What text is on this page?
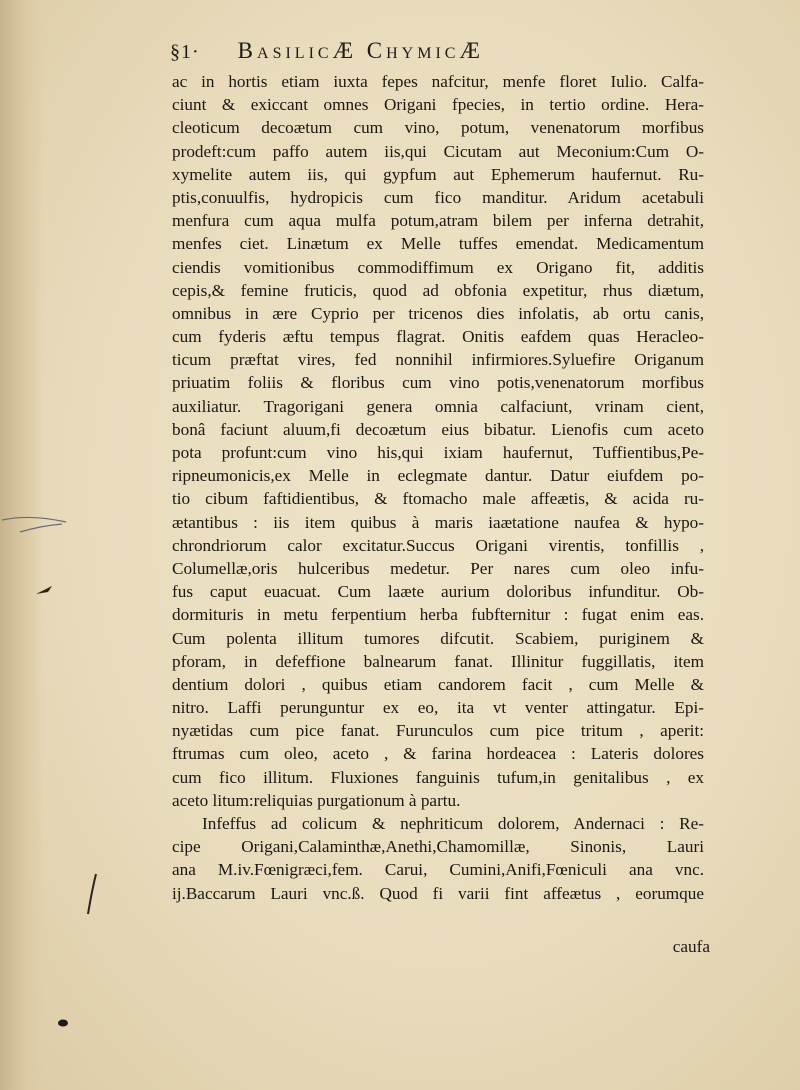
§1· BasilicÆ ChymicÆ
ac in hortis etiam iuxta fepes nafcitur, menfe floret Iulio. Calfa-
ciunt & exiccant omnes Origani fpecies, in tertio ordine. Hera-
cleoticum decoætum cum vino, potum, venenatorum morfibus
prodeft:cum paffo autem iis,qui Cicutam aut Meconium:Cum O-
xymelite autem iis, qui gypfum aut Ephemerum haufernut. Ru-
ptis,conuulfis, hydropicis cum fico manditur. Aridum acetabuli
menfura cum aqua mulfa potum,atram bilem per inferna detrahit,
menfes ciet. Linætum ex Melle tuffes emendat. Medicamentum
ciendis vomitionibus commodiffimum ex Origano fit, additis
cepis,& femine fruticis, quod ad obfonia expetitur, rhus diætum,
omnibus in ære Cyprio per tricenos dies infolatis, ab ortu canis,
cum fyderis æftu tempus flagrat. Onitis eafdem quas Heracleo-
ticum præftat vires, fed nonnihil infirmiores.Syluefire Origanum
priuatim foliis & floribus cum vino potis,venenatorum morfibus
auxiliatur. Tragorigani genera omnia calfaciunt, vrinam cient,
bonâ faciunt aluum,fi decoætum eius bibatur. Lienofis cum aceto
pota profunt:cum vino his,qui ixiam haufernut, Tuffientibus,Pe-
ripneumonicis,ex Melle in eclegmate dantur. Datur eiufdem po-
tio cibum faftidientibus, & ftomacho male affeætis, & acida ru-
ætantibus : iis item quibus à maris iaætatione naufea & hypo-
chrondriorum calor excitatur.Succus Origani virentis, tonfillis ,
Columellæ,oris hulceribus medetur. Per nares cum oleo infu-
fus caput euacuat. Cum laæte aurium doloribus infunditur. Ob-
dormituris in metu ferpentium herba fubfternitur : fugat enim eas.
Cum polenta illitum tumores difcutit. Scabiem, puriginem &
pforam, in defeffione balnearum fanat. Illinitur fuggillatis, item
dentium dolori , quibus etiam candorem facit , cum Melle &
nitro. Laffi perunguntur ex eo, ita vt venter attingatur. Epi-
nyætidas cum pice fanat. Furunculos cum pice tritum , aperit:
ftrumas cum oleo, aceto , & farina hordeacea : Lateris dolores
cum fico illitum. Fluxiones fanguinis tufum,in genitalibus , ex
aceto litum:reliquias purgationum à partu.
Infeffus ad colicum & nephriticum dolorem, Andernaci : Re-
cipe Origani,Calaminthæ,Anethi,Chamomillæ, Sinonis, Lauri
ana M.iv.Fœnigræci,fem. Carui, Cumini,Anifi,Fœniculi ana vnc.
ij.Baccarum Lauri vnc.ß. Quod fi varii fint affeætus , eorumque
caufa
